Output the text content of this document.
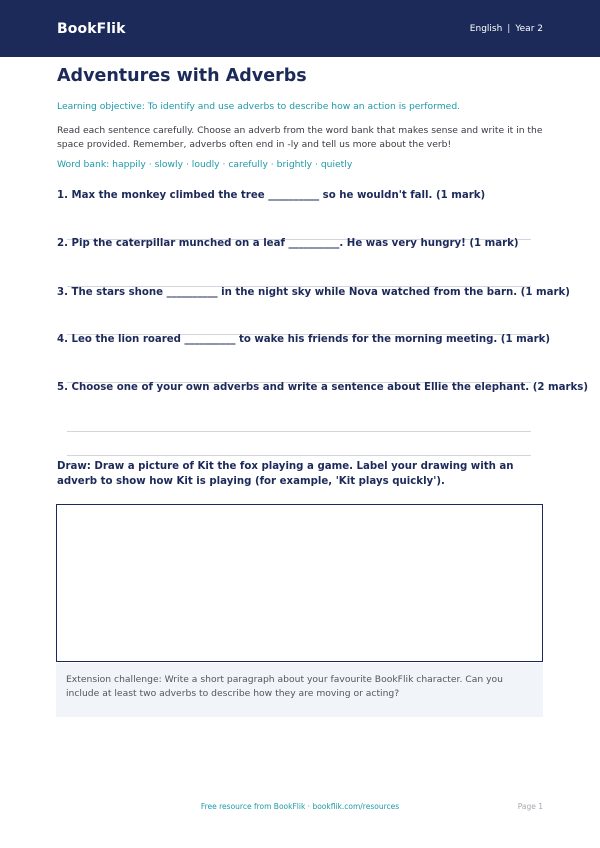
BookFlik	English | Year 2
Adventures with Adverbs
Learning objective: To identify and use adverbs to describe how an action is performed.
Read each sentence carefully. Choose an adverb from the word bank that makes sense and write it in the space provided. Remember, adverbs often end in -ly and tell us more about the verb!
Word bank: happily · slowly · loudly · carefully · brightly · quietly
1. Max the monkey climbed the tree __________ so he wouldn't fall. (1 mark)
2. Pip the caterpillar munched on a leaf __________. He was very hungry! (1 mark)
3. The stars shone __________ in the night sky while Nova watched from the barn. (1 mark)
4. Leo the lion roared __________ to wake his friends for the morning meeting. (1 mark)
5. Choose one of your own adverbs and write a sentence about Ellie the elephant. (2 marks)
Draw: Draw a picture of Kit the fox playing a game. Label your drawing with an adverb to show how Kit is playing (for example, 'Kit plays quickly').
Extension challenge: Write a short paragraph about your favourite BookFlik character. Can you include at least two adverbs to describe how they are moving or acting?
Free resource from BookFlik · bookflik.com/resources	Page 1
